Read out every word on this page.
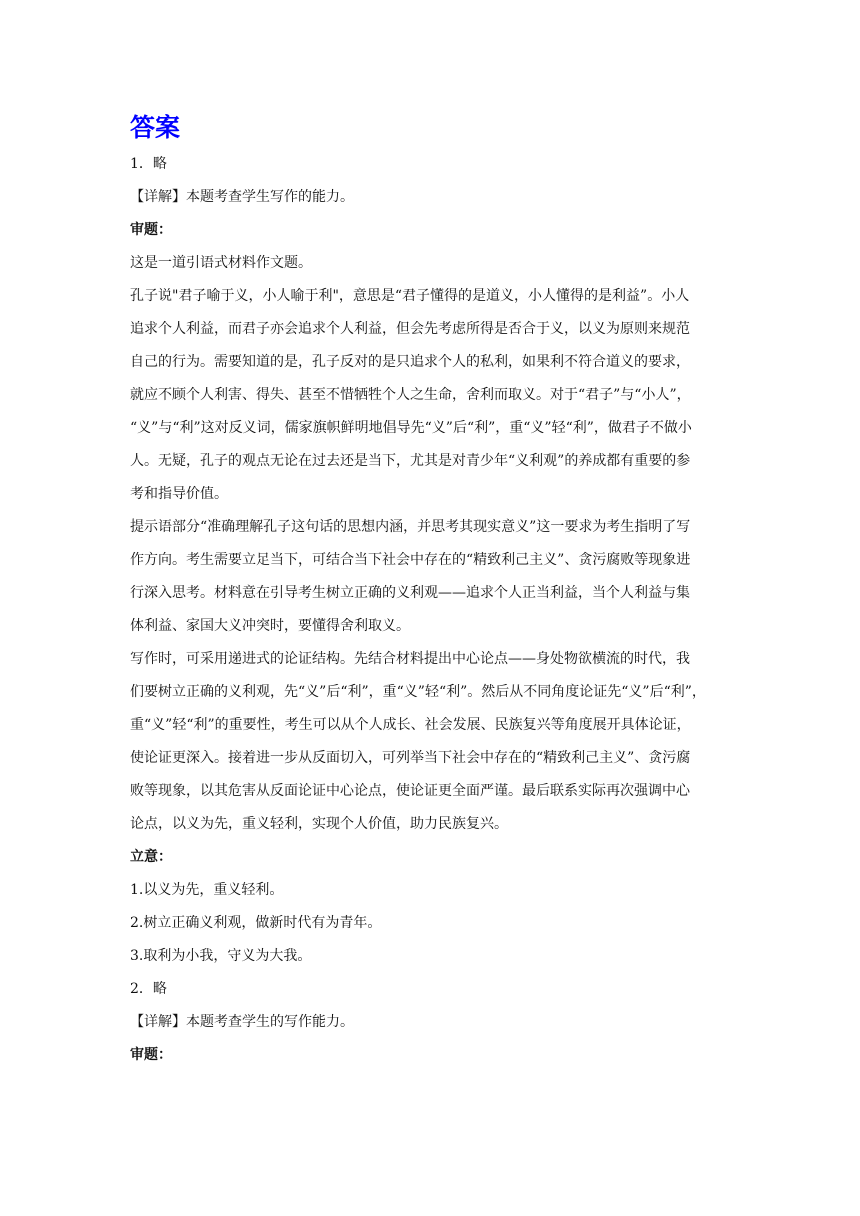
答案
1．略
【详解】本题考查学生写作的能力。
审题：
这是一道引语式材料作文题。
孔子说"君子喻于义，小人喻于利"，意思是“君子懂得的是道义，小人懂得的是利益”。小人
追求个人利益，而君子亦会追求个人利益，但会先考虑所得是否合于义，以义为原则来规范
自己的行为。需要知道的是，孔子反对的是只追求个人的私利，如果利不符合道义的要求，
就应不顾个人利害、得失、甚至不惜牺牲个人之生命，舍利而取义。对于“君子”与“小人”，
“义”与“利”这对反义词，儒家旗帜鲜明地倡导先“义”后“利”，重“义”轻“利”，做君子不做小
人。无疑，孔子的观点无论在过去还是当下，尤其是对青少年“义利观”的养成都有重要的参
考和指导价值。
提示语部分“准确理解孔子这句话的思想内涵，并思考其现实意义”这一要求为考生指明了写
作方向。考生需要立足当下，可结合当下社会中存在的“精致利己主义”、贪污腐败等现象进
行深入思考。材料意在引导考生树立正确的义利观——追求个人正当利益，当个人利益与集
体利益、家国大义冲突时，要懂得舍利取义。
写作时，可采用递进式的论证结构。先结合材料提出中心论点——身处物欲横流的时代，我
们要树立正确的义利观，先“义”后“利”，重“义”轻“利”。然后从不同角度论证先“义”后“利”，
重“义”轻“利”的重要性，考生可以从个人成长、社会发展、民族复兴等角度展开具体论证，
使论证更深入。接着进一步从反面切入，可列举当下社会中存在的“精致利己主义”、贪污腐
败等现象，以其危害从反面论证中心论点，使论证更全面严谨。最后联系实际再次强调中心
论点，以义为先，重义轻利，实现个人价值，助力民族复兴。
立意：
1.以义为先，重义轻利。
2.树立正确义利观，做新时代有为青年。
3.取利为小我，守义为大我。
2．略
【详解】本题考查学生的写作能力。
审题：
